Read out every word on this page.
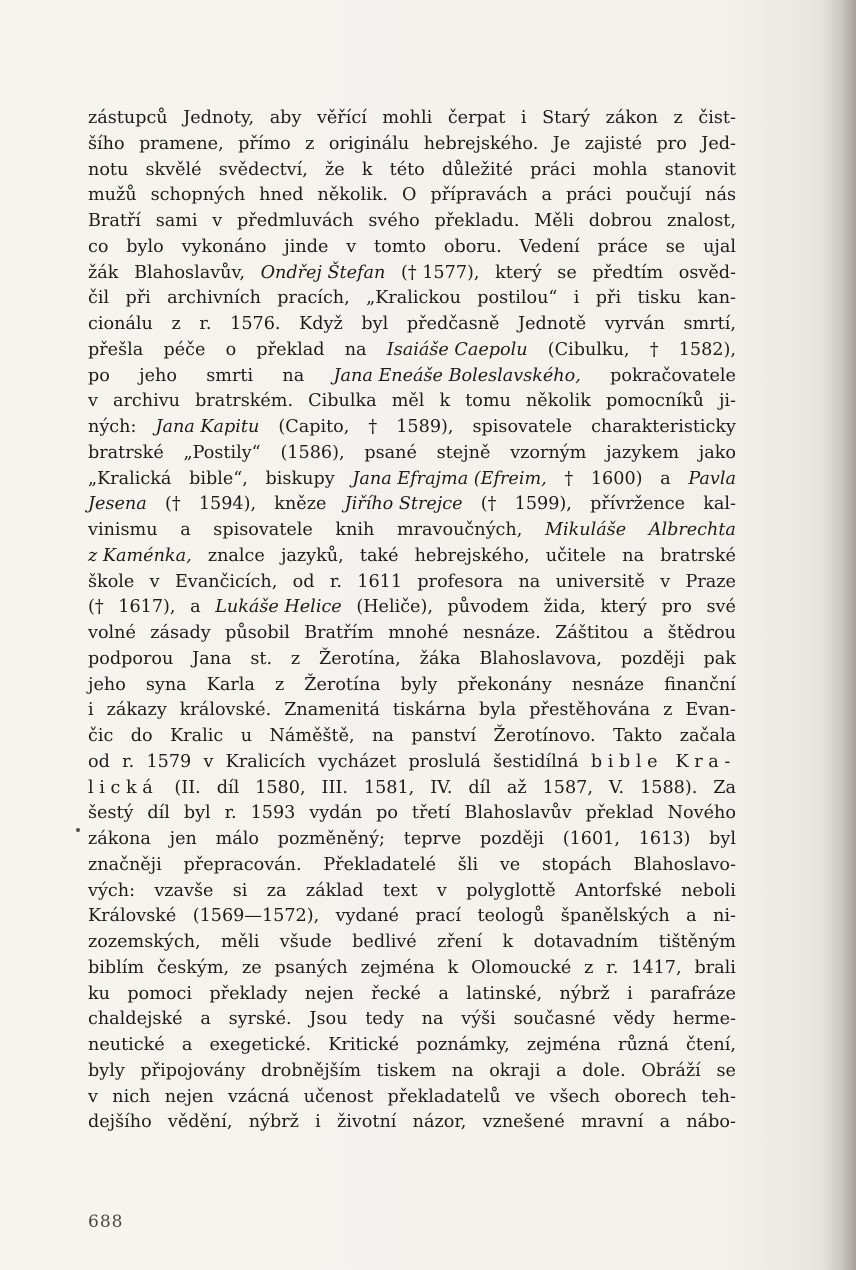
zástupců Jednoty, aby věřící mohli čerpat i Starý zákon z čist-
šího pramene, přímo z originálu hebrejského. Je zajisté pro Jed-
notu skvělé svědectví, že k této důležité práci mohla stanovit
mužů schopných hned několik. O přípravách a práci poučují nás
Bratří sami v předmluvách svého překladu. Měli dobrou znalost,
co bylo vykonáno jinde v tomto oboru. Vedení práce se ujal
žák Blahoslavův, Ondřej Štefan († 1577), který se předtím osvěd-
čil při archivních pracích, „Kralickou postilou“ i při tisku kan-
cionálu z r. 1576. Když byl předčasně Jednotě vyrván smrtí,
přešla péče o překlad na Isaiáše Caepolu (Cibulku, † 1582),
po jeho smrti na Jana Eneáše Boleslavského, pokračovatele
v archivu bratrském. Cibulka měl k tomu několik pomocníků ji-
ných: Jana Kapitu (Capito, † 1589), spisovatele charakteristicky
bratrské „Postily“ (1586), psané stejně vzorným jazykem jako
„Kralická bible“, biskupy Jana Efrajma (Efreim, † 1600) a Pavla
Jesena († 1594), kněze Jiřího Strejce († 1599), přívržence kal-
vinismu a spisovatele knih mravoučných, Mikuláše Albrechta
z Kaménka, znalce jazyků, také hebrejského, učitele na bratrské
škole v Evančicích, od r. 1611 profesora na universitě v Praze
(† 1617), a Lukáše Helice (Heliče), původem žida, který pro své
volné zásady působil Bratřím mnohé nesnáze. Záštitou a štědrou
podporou Jana st. z Žerotína, žáka Blahoslavova, později pak
jeho syna Karla z Žerotína byly překonány nesnáze finanční
i zákazy královské. Znamenitá tiskárna byla přestěhována z Evan-
čic do Kralic u Náměště, na panství Žerotínovo. Takto začala
od r. 1579 v Kralicích vycházet proslulá šestidílná bible Kra-
lická (II. díl 1580, III. 1581, IV. díl až 1587, V. 1588). Za
šestý díl byl r. 1593 vydán po třetí Blahoslavův překlad Nového
zákona jen málo pozměněný; teprve později (1601, 1613) byl
značněji přepracován. Překladatelé šli ve stopách Blahoslavo-
vých: vzavše si za základ text v polyglottě Antorfské neboli
Královské (1569—1572), vydané prací teologů španělských a ni-
zozemských, měli všude bedlivé zření k dotavadním tištěným
biblím českým, ze psaných zejména k Olomoucké z r. 1417, brali
ku pomoci překlady nejen řecké a latinské, nýbrž i parafráze
chaldejské a syrské. Jsou tedy na výši současné vědy herme-
neutické a exegetické. Kritické poznámky, zejména různá čtení,
byly připojovány drobnějším tiskem na okraji a dole. Obráží se
v nich nejen vzácná učenost překladatelů ve všech oborech teh-
dejšího vědění, nýbrž i životní názor, vznešené mravní a nábo-
688
